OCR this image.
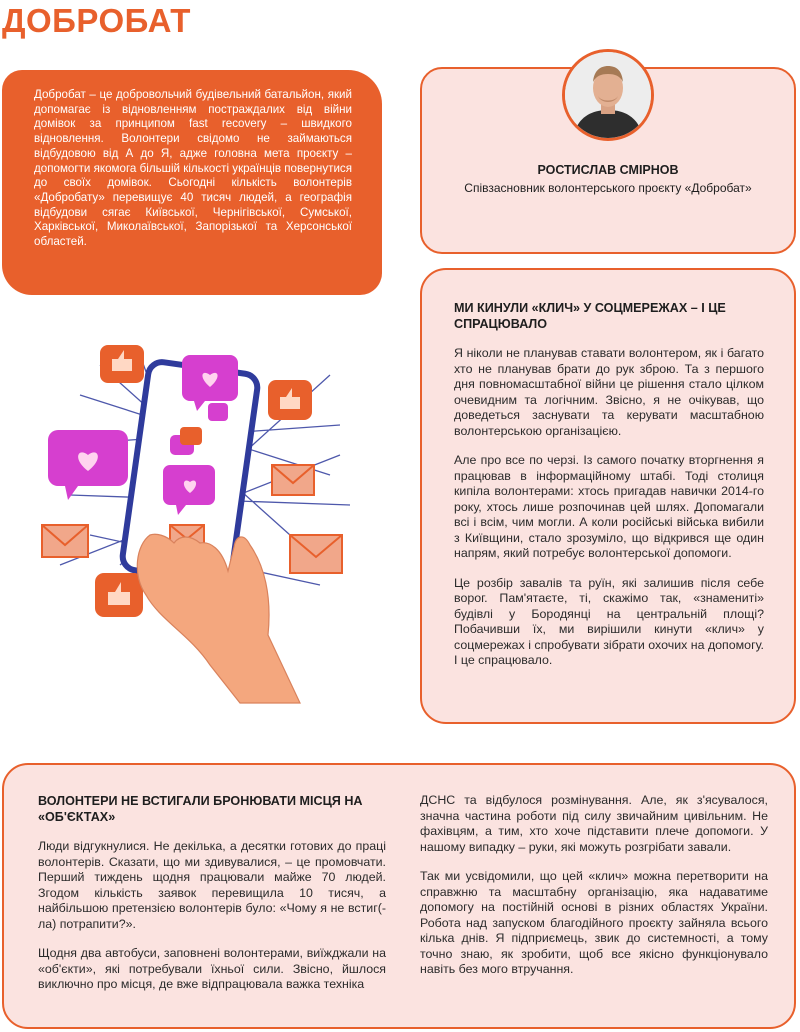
ДОБРОБАТ

Добробат – це добровольчий будівельний батальйон, який допомагає із відновленням постраждалих від війни домівок за принципом fast recovery – швидкого відновлення. Волонтери свідомо не займаються відбудовою від А до Я, адже головна мета проєкту – допомогти якомога більшій кількості українців повернутися до своїх домівок. Сьогодні кількість волонтерів «Добробату» перевищує 40 тисяч людей, а географія відбудови сягає Київської, Чернігівської, Сумської, Харківської, Миколаївської, Запорізької та Херсонської областей.

РОСТИСЛАВ СМІРНОВ
Співзасновник волонтерського проєкту «Добробат»
МИ КИНУЛИ «КЛИЧ» У СОЦМЕРЕЖАХ – І ЦЕ СПРАЦЮВАЛО

Я ніколи не планував ставати волонтером, як і багато хто не планував брати до рук зброю. Та з першого дня повномасштабної війни це рішення стало цілком очевидним та логічним. Звісно, я не очікував, що доведеться заснувати та керувати масштабною волонтерською організацією.

Але про все по черзі. Із самого початку вторгнення я працював в інформаційному штабі. Тоді столиця кипіла волонтерами: хтось пригадав навички 2014-го року, хтось лише розпочинав цей шлях. Допомагали всі і всім, чим могли. А коли російські війська вибили з Київщини, стало зрозуміло, що відкрився ще один напрям, який потребує волонтерської допомоги.

Це розбір завалів та руїн, які залишив після себе ворог. Пам'ятаєте, ті, скажімо так, «знамениті» будівлі у Бородянці на центральній площі? Побачивши їх, ми вирішили кинути «клич» у соцмережах і спробувати зібрати охочих на допомогу. І це спрацювало.

ВОЛОНТЕРИ НЕ ВСТИГАЛИ БРОНЮВАТИ МІСЦЯ НА «ОБ'ЄКТАХ»

Люди відгукнулися. Не декілька, а десятки готових до праці волонтерів. Сказати, що ми здивувалися, – це промовчати. Перший тиждень щодня працювали майже 70 людей. Згодом кількість заявок перевищила 10 тисяч, а найбільшою претензією волонтерів було: «Чому я не встиг(-ла) потрапити?».

Щодня два автобуси, заповнені волонтерами, виїжджали на «об'єкти», які потребували їхньої сили. Звісно, йшлося виключно про місця, де вже відпрацювала важка техніка

ДСНС та відбулося розмінування. Але, як з'ясувалося, значна частина роботи під силу звичайним цивільним. Не фахівцям, а тим, хто хоче підставити плече допомоги. У нашому випадку – руки, які можуть розгрібати завали.

Так ми усвідомили, що цей «клич» можна перетворити на справжню та масштабну організацію, яка надаватиме допомогу на постійній основі в різних областях України. Робота над запуском благодійного проєкту зайняла всього кілька днів. Я підприємець, звик до системності, а тому точно знаю, як зробити, щоб все якісно функціонувало навіть без мого втручання.
